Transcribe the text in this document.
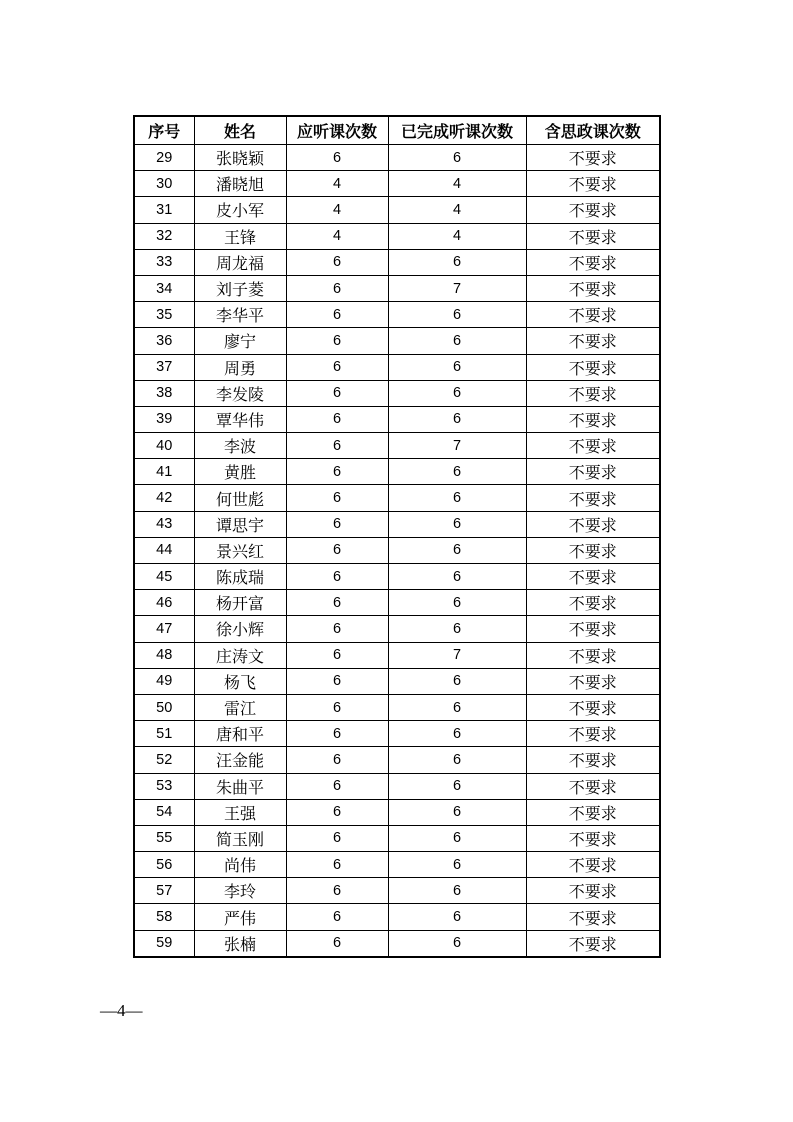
序号	姓名	应听课次数	已完成听课次数	含思政课次数
29	张晓颖	6	6	不要求
30	潘晓旭	4	4	不要求
31	皮小军	4	4	不要求
32	王锋	4	4	不要求
33	周龙福	6	6	不要求
34	刘子菱	6	7	不要求
35	李华平	6	6	不要求
36	廖宁	6	6	不要求
37	周勇	6	6	不要求
38	李发陵	6	6	不要求
39	覃华伟	6	6	不要求
40	李波	6	7	不要求
41	黄胜	6	6	不要求
42	何世彪	6	6	不要求
43	谭思宇	6	6	不要求
44	景兴红	6	6	不要求
45	陈成瑞	6	6	不要求
46	杨开富	6	6	不要求
47	徐小辉	6	6	不要求
48	庄涛文	6	7	不要求
49	杨飞	6	6	不要求
50	雷江	6	6	不要求
51	唐和平	6	6	不要求
52	汪金能	6	6	不要求
53	朱曲平	6	6	不要求
54	王强	6	6	不要求
55	简玉刚	6	6	不要求
56	尚伟	6	6	不要求
57	李玲	6	6	不要求
58	严伟	6	6	不要求
59	张楠	6	6	不要求
—4—
